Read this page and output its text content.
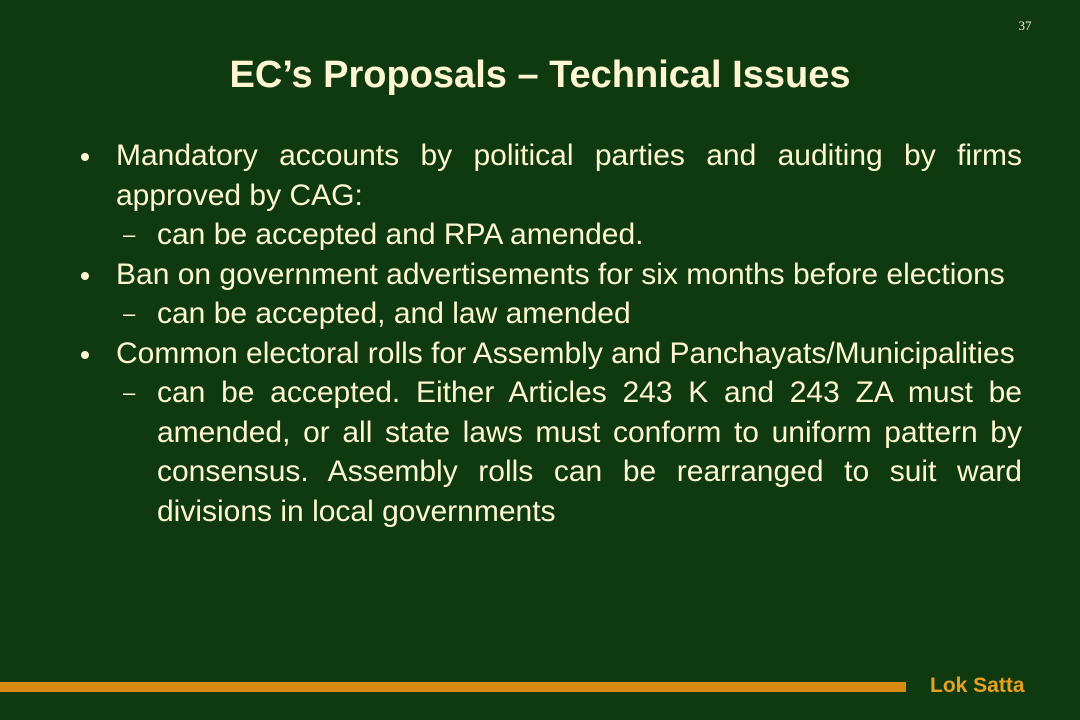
37
EC’s Proposals – Technical Issues
Mandatory accounts by political parties and auditing by firms approved by CAG:
– can be accepted and RPA amended.
Ban on government advertisements for six months before elections
– can be accepted, and law amended
Common electoral rolls for Assembly and Panchayats/Municipalities
– can be accepted. Either Articles 243 K and 243 ZA must be amended, or all state laws must conform to uniform pattern by consensus. Assembly rolls can be rearranged to suit ward divisions in local governments
Lok Satta
